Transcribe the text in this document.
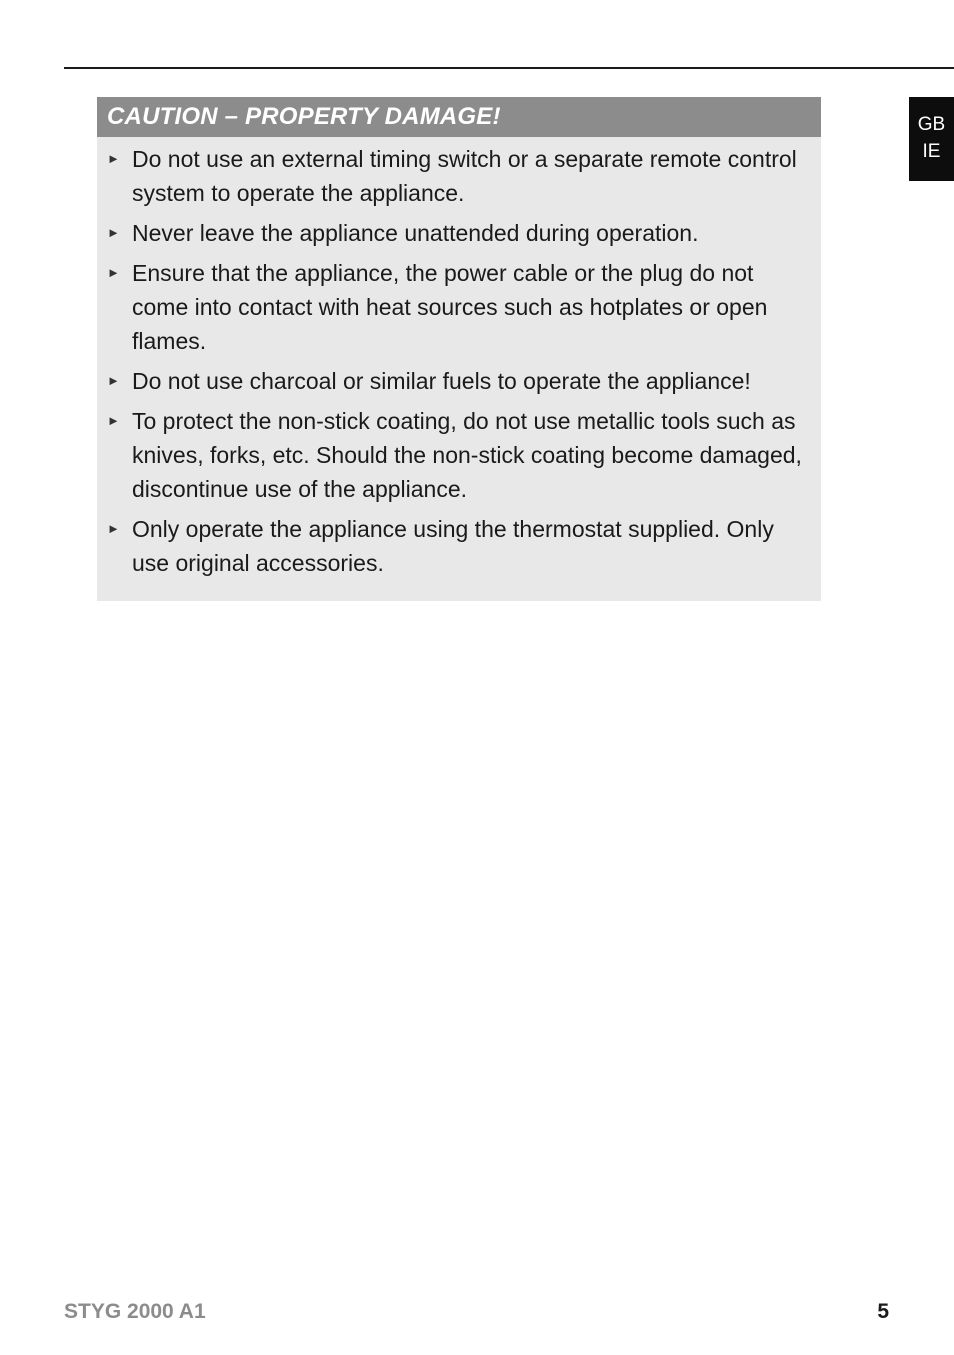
GB
IE
CAUTION – PROPERTY DAMAGE!
► Do not use an external timing switch or a separate remote control system to operate the appliance.
► Never leave the appliance unattended during operation.
► Ensure that the appliance, the power cable or the plug do not come into contact with heat sources such as hotplates or open flames.
► Do not use charcoal or similar fuels to operate the appliance!
► To protect the non-stick coating, do not use metallic tools such as knives, forks, etc. Should the non-stick coating become damaged, discontinue use of the appliance.
► Only operate the appliance using the thermostat supplied. Only use original accessories.
STYG 2000 A1	5
